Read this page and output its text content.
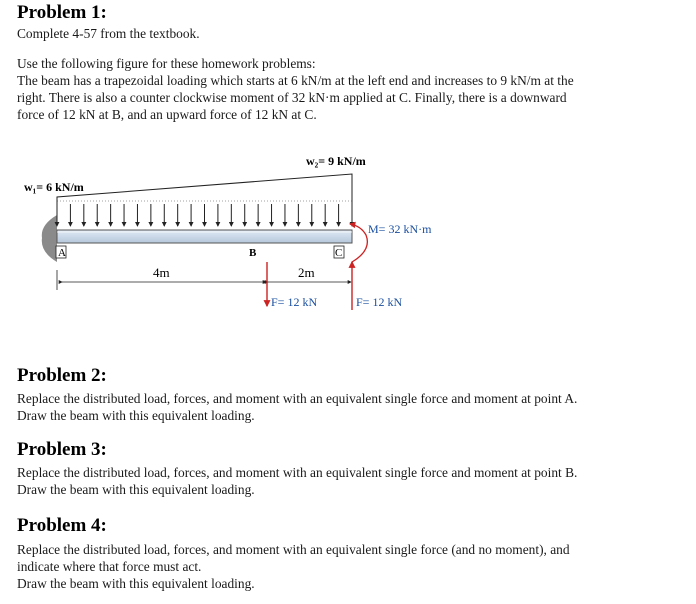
Problem 1:

Complete 4-57 from the textbook.

Use the following figure for these homework problems:

The beam has a trapezoidal loading which starts at 6 kN/m at the left end and increases to 9 kN/m at the

right. There is also a counter clockwise moment of 32 kN·m applied at C. Finally, there is a downward

force of 12 kN at B, and an upward force of 12 kN at C.

w₁= 6 kN/m
w₂= 9 kN/m
A	B	C
4m	2m
M= 32 kN·m
F= 12 kN	F= 12 kN
Problem 2:

Replace the distributed load, forces, and moment with an equivalent single force and moment at point A.

Draw the beam with this equivalent loading.

Problem 3:

Replace the distributed load, forces, and moment with an equivalent single force and moment at point B.

Draw the beam with this equivalent loading.

Problem 4:

Replace the distributed load, forces, and moment with an equivalent single force (and no moment), and

indicate where that force must act.

Draw the beam with this equivalent loading.
